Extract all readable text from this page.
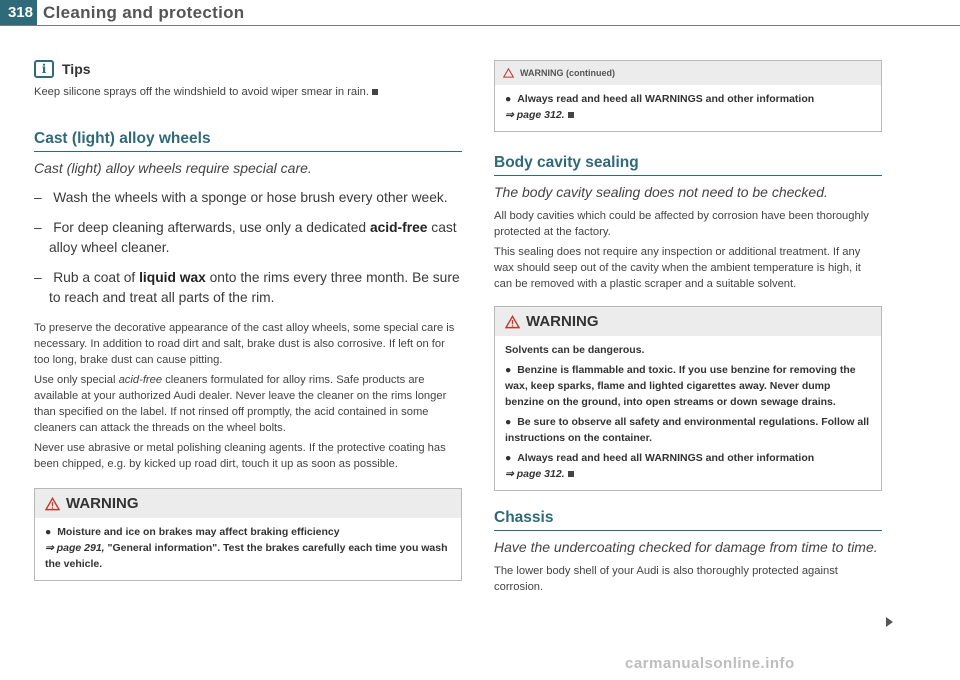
318 Cleaning and protection
i	Tips

Keep silicone sprays off the windshield to avoid wiper smear in rain.

Cast (light) alloy wheels
Cast (light) alloy wheels require special care.
–   Wash the wheels with a sponge or hose brush every other week.
–   For deep cleaning afterwards, use only a dedicated acid-free cast alloy wheel cleaner.
–   Rub a coat of liquid wax onto the rims every three month. Be sure to reach and treat all parts of the rim.

To preserve the decorative appearance of the cast alloy wheels, some special care is necessary. In addition to road dirt and salt, brake dust is also corrosive. If left on for too long, brake dust can cause pitting.

Use only special acid-free cleaners formulated for alloy rims. Safe products are available at your authorized Audi dealer. Never leave the cleaner on the rims longer than specified on the label. If not rinsed off promptly, the acid contained in some cleaners can attack the threads on the wheel bolts.

Never use abrasive or metal polishing cleaning agents. If the protective coating has been chipped, e.g. by kicked up road dirt, touch it up as soon as possible.

WARNING

●  Moisture and ice on brakes may affect braking efficiency

⇒ page 291, "General information". Test the brakes carefully each time you wash the vehicle.

WARNING (continued)

●  Always read and heed all WARNINGS and other information

⇒ page 312.

Body cavity sealing
The body cavity sealing does not need to be checked.

All body cavities which could be affected by corrosion have been thoroughly protected at the factory.

This sealing does not require any inspection or additional treatment. If any wax should seep out of the cavity when the ambient temperature is high, it can be removed with a plastic scraper and a suitable solvent.

WARNING

Solvents can be dangerous.

●  Benzine is flammable and toxic. If you use benzine for removing the wax, keep sparks, flame and lighted cigarettes away. Never dump benzine on the ground, into open streams or down sewage drains.

●  Be sure to observe all safety and environmental regulations. Follow all instructions on the container.

●  Always read and heed all WARNINGS and other information

⇒ page 312.

Chassis
Have the undercoating checked for damage from time to time.

The lower body shell of your Audi is also thoroughly protected against corrosion.

carmanualsonline.info
